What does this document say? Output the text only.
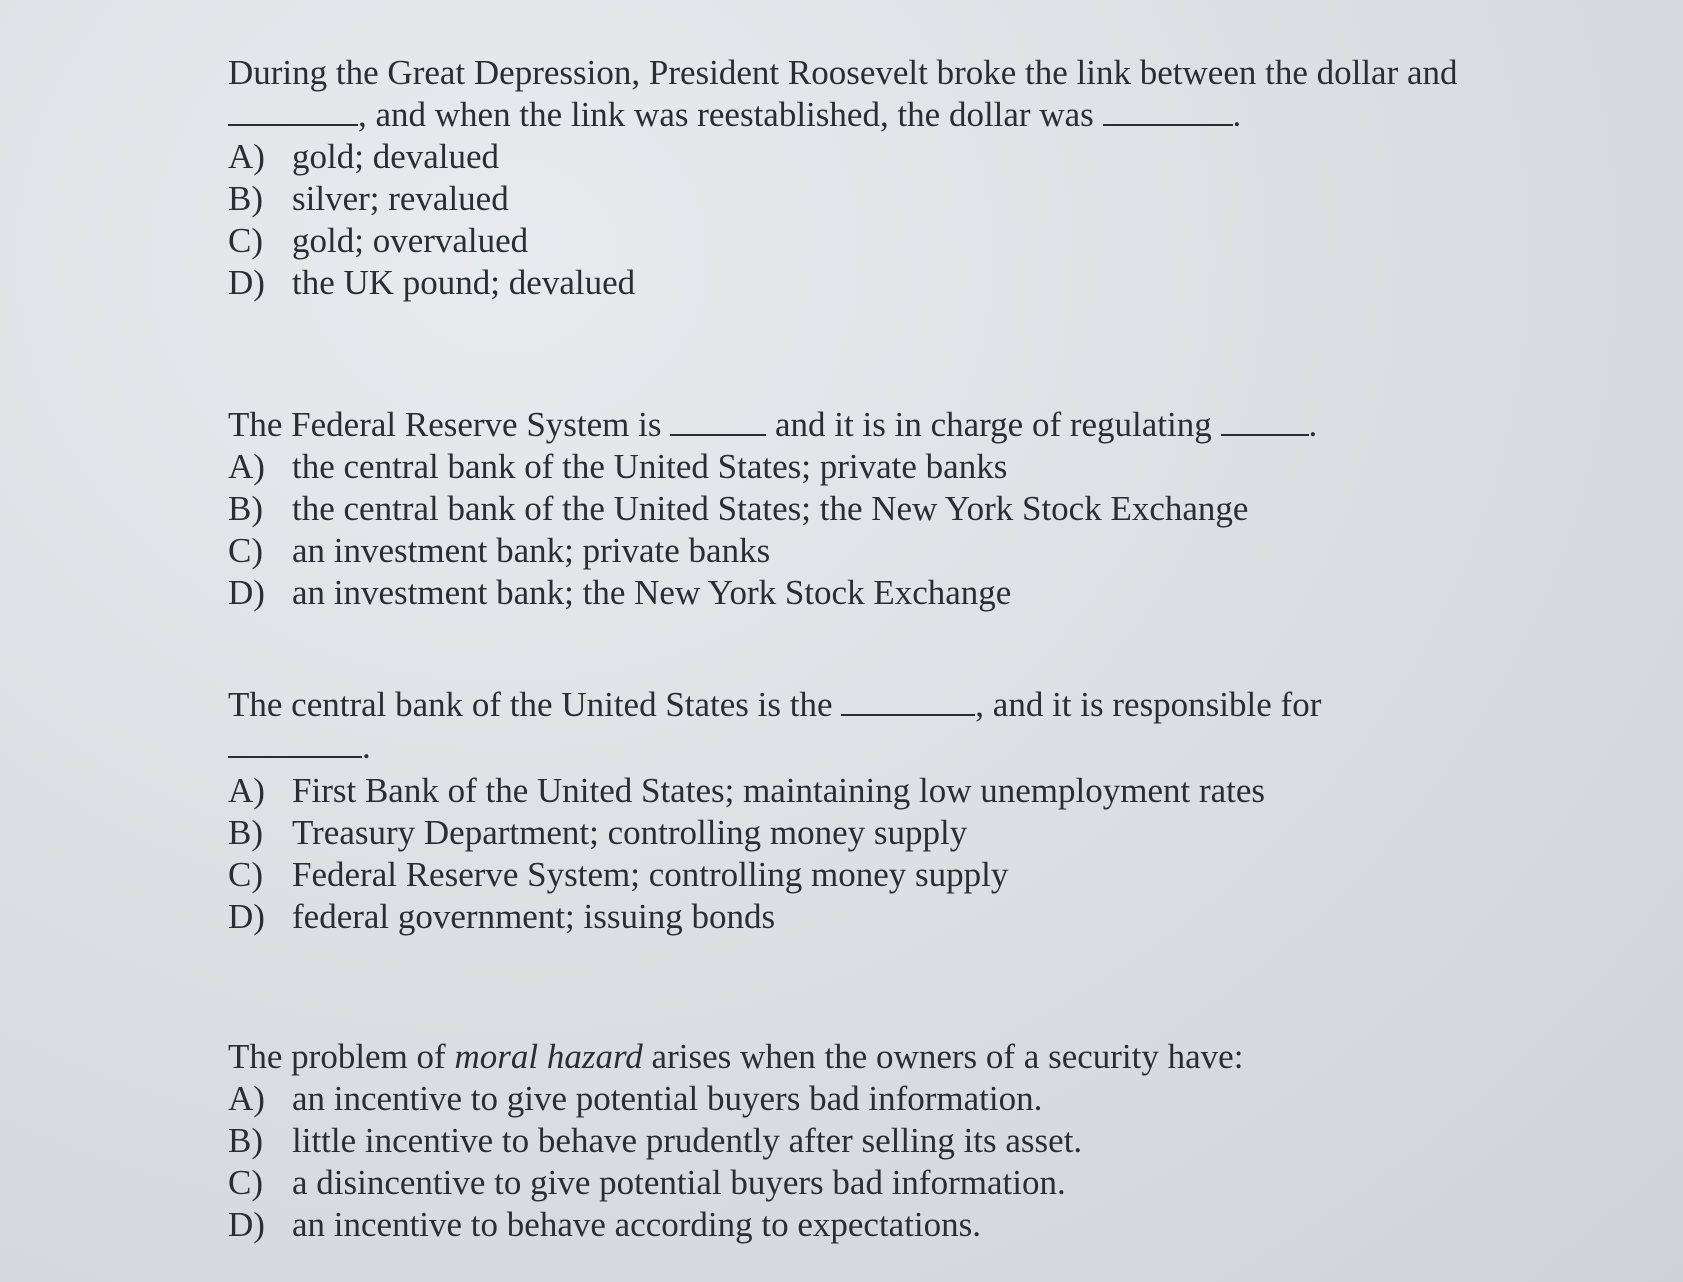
During the Great Depression, President Roosevelt broke the link between the dollar and
, and when the link was reestablished, the dollar was	.

A) gold; devalued
B) silver; revalued
C) gold; overvalued
D) the UK pound; devalued

The Federal Reserve System is	and it is in charge of regulating	.

A) the central bank of the United States; private banks
B) the central bank of the United States; the New York Stock Exchange
C) an investment bank; private banks
D) an investment bank; the New York Stock Exchange

The central bank of the United States is the	, and it is responsible for
.

A) First Bank of the United States; maintaining low unemployment rates
B) Treasury Department; controlling money supply
C) Federal Reserve System; controlling money supply
D) federal government; issuing bonds

The problem of moral hazard arises when the owners of a security have:

A) an incentive to give potential buyers bad information.
B) little incentive to behave prudently after selling its asset.
C) a disincentive to give potential buyers bad information.
D) an incentive to behave according to expectations.
